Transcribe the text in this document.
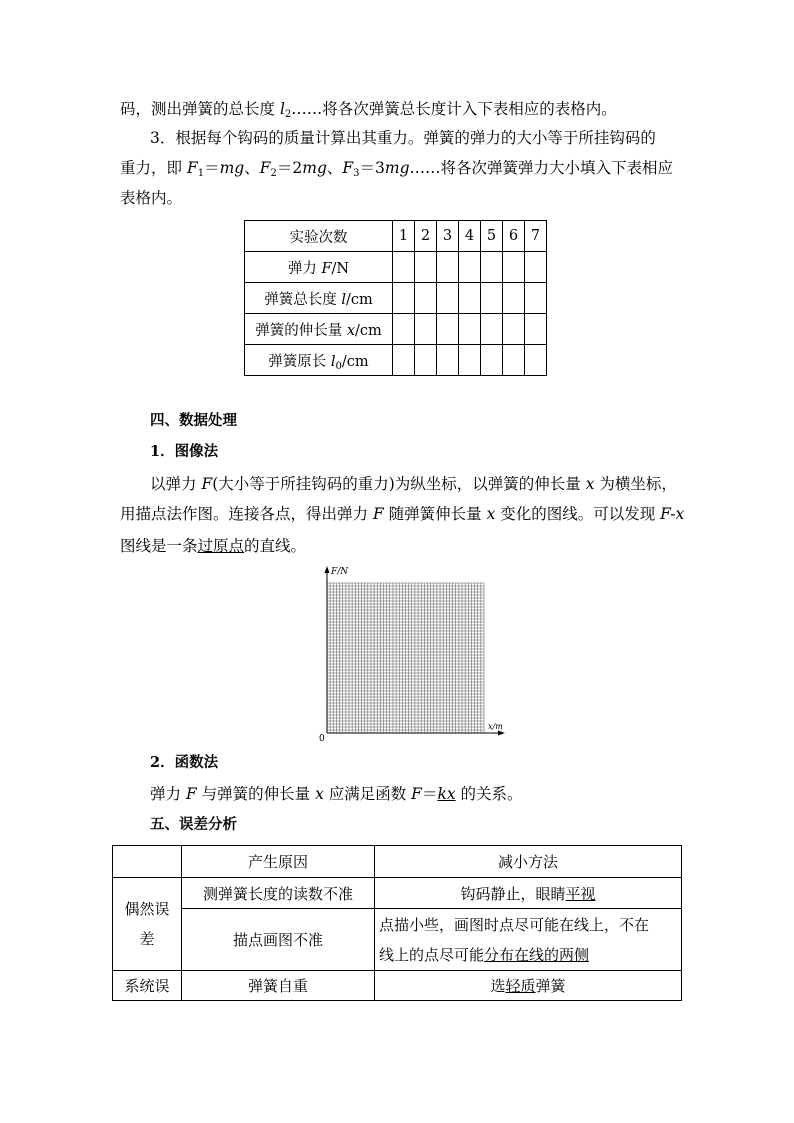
码，测出弹簧的总长度 $l_2\dots\dots$将各次弹簧总长度计入下表相应的表格内。
3．根据每个钩码的质量计算出其重力。弹簧的弹力的大小等于所挂钩码的
重力，即 $F_1=mg$、$F_2=2mg$、$F_3=3mg\dots\dots$将各次弹簧弹力大小填入下表相应
表格内。
实验次数	1	2	3	4	5	6	7
弹力 F/N							
弹簧总长度 l/cm							
弹簧的伸长量 x/cm							
弹簧原长 $l_0/cm$							
四、数据处理
1．图像法
以弹力 F(大小等于所挂钩码的重力)为纵坐标，以弹簧的伸长量 x 为横坐标，
用描点法作图。连接各点，得出弹力 F 随弹簧伸长量 x 变化的图线。可以发现 F-x
图线是一条过原点的直线。
F/N
x/m
0
2．函数法
弹力 F 与弹簧的伸长量 x 应满足函数 F＝kx 的关系。
五、误差分析
	产生原因	减小方法
偶然误
差	测弹簧长度的读数不准	钩码静止，眼睛平视
	描点画图不准	点描小些，画图时点尽可能在线上，不在
线上的点尽可能分布在线的两侧
系统误	弹簧自重	选轻质弹簧
